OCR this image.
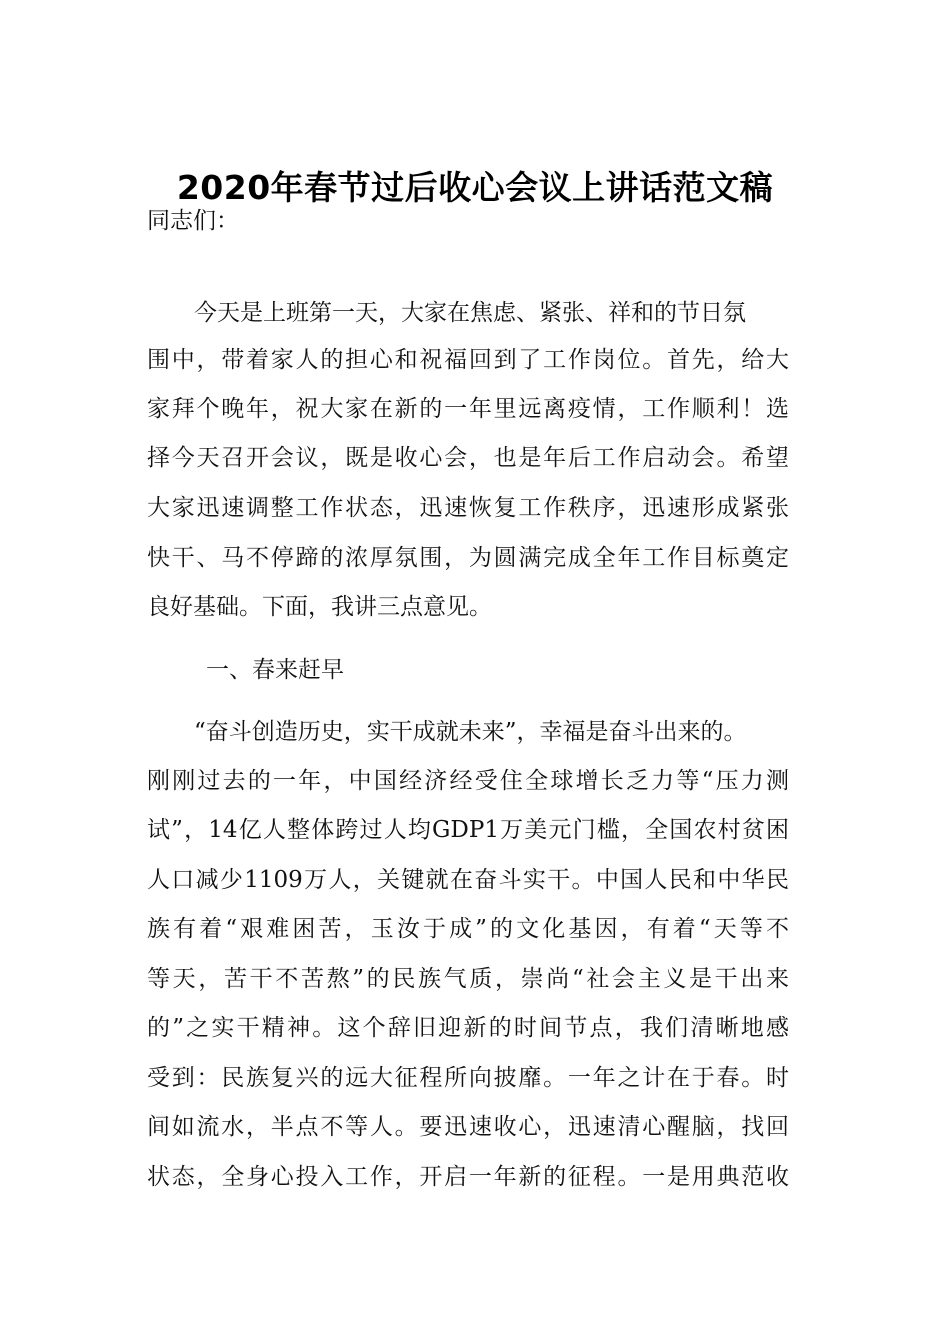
2020年春节过后收心会议上讲话范文稿
同志们：
今天是上班第一天，大家在焦虑、紧张、祥和的节日氛
围中，带着家人的担心和祝福回到了工作岗位。首先，给大
家拜个晚年，祝大家在新的一年里远离疫情，工作顺利！选
择今天召开会议，既是收心会，也是年后工作启动会。希望
大家迅速调整工作状态，迅速恢复工作秩序，迅速形成紧张
快干、马不停蹄的浓厚氛围，为圆满完成全年工作目标奠定
良好基础。下面，我讲三点意见。
一、春来赶早
“奋斗创造历史，实干成就未来”，幸福是奋斗出来的。
刚刚过去的一年，中国经济经受住全球增长乏力等“压力测
试”，14亿人整体跨过人均GDP1万美元门槛，全国农村贫困
人口减少1109万人，关键就在奋斗实干。中国人民和中华民
族有着“艰难困苦，玉汝于成”的文化基因，有着“天等不
等天，苦干不苦熬”的民族气质，崇尚“社会主义是干出来
的”之实干精神。这个辞旧迎新的时间节点，我们清晰地感
受到：民族复兴的远大征程所向披靡。一年之计在于春。时
间如流水，半点不等人。要迅速收心，迅速清心醒脑，找回
状态，全身心投入工作，开启一年新的征程。一是用典范收
